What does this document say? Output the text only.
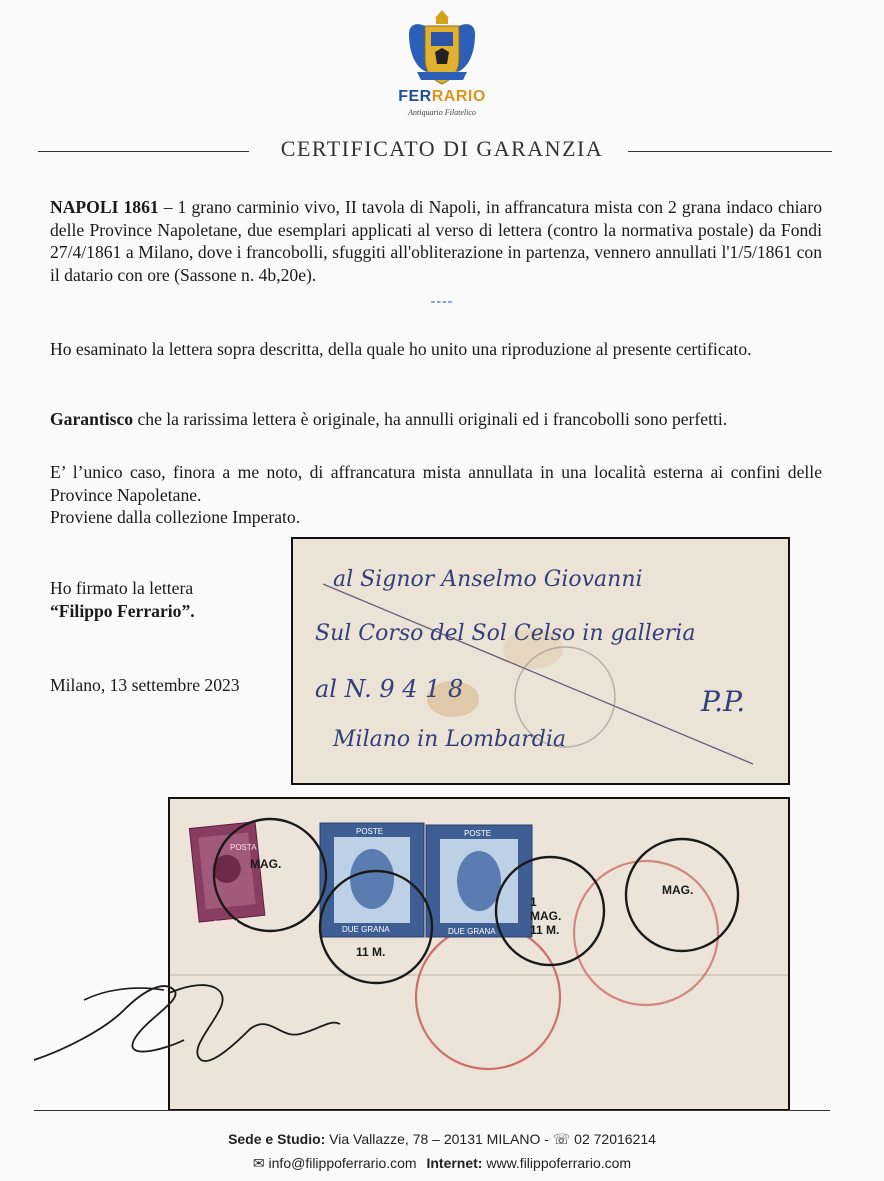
FERRARIO
Antiquario Filatelico
CERTIFICATO DI GARANZIA
NAPOLI 1861 – 1 grano carminio vivo, II tavola di Napoli, in affrancatura mista con 2 grana indaco chiaro delle Province Napoletane, due esemplari applicati al verso di lettera (contro la normativa postale) da Fondi 27/4/1861 a Milano, dove i francobolli, sfuggiti all'obliterazione in partenza, vennero annullati l'1/5/1861 con il datario con ore (Sassone n. 4b,20e).
----
Ho esaminato la lettera sopra descritta, della quale ho unito una riproduzione al presente certificato.
Garantisco che la rarissima lettera è originale, ha annulli originali ed i francobolli sono perfetti.
E’ l’unico caso, finora a me noto, di affrancatura mista annullata in una località esterna ai confini delle Province Napoletane.
Proviene dalla collezione Imperato.
Ho firmato la lettera
“Filippo Ferrario”.
Milano, 13 settembre 2023
al Signor Anselmo Giovanni
Sul Corso del Sol Celso in galleria
al N. 9 4 1 8
Milano in Lombardia
P.P.
POSTA
GRA.1
POSTE
DUE GRANA
POSTE
DUE GRANA
MAG.
11 M.
1
MAG.
11 M.
MAG.
Sede e Studio: Via Vallazze, 78 – 20131 MILANO - ☏ 02 72016214
✉ info@filippoferrario.com Internet: www.filippoferrario.com
